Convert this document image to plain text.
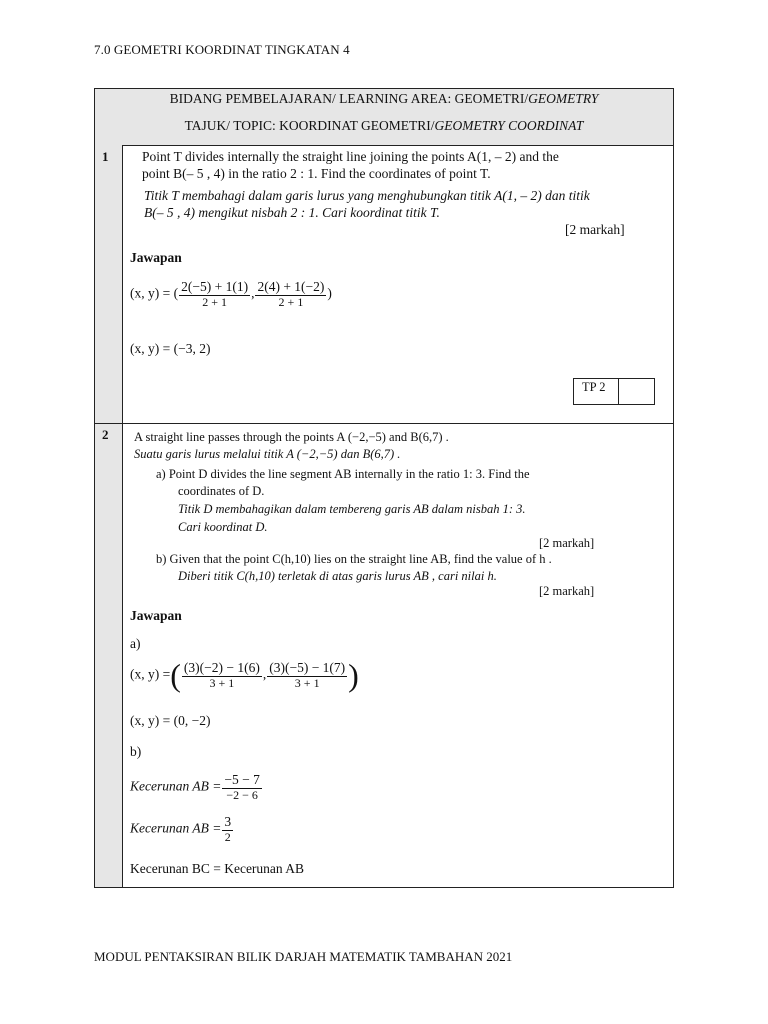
7.0 GEOMETRI KOORDINAT TINGKATAN 4
BIDANG PEMBELAJARAN/ LEARNING AREA: GEOMETRI/GEOMETRY
TAJUK/ TOPIC: KOORDINAT GEOMETRI/GEOMETRY COORDINAT
1 Point T divides internally the straight line joining the points A(1, – 2) and the
point B(– 5 , 4) in the ratio 2 : 1. Find the coordinates of point T.
Titik T membahagi dalam garis lurus yang menghubungkan titik A(1, – 2) dan titik
B(– 5 , 4) mengikut nisbah 2 : 1. Cari koordinat titik T.
[2 markah]
Jawapan
(x, y) = ( $\frac{2(-5) + 1(1)}{2 + 1}$ , $\frac{2(4) + 1(-2)}{2 + 1}$ )
(x, y) = (−3, 2)
TP 2
2 A straight line passes through the points A (−2,−5) and B(6,7) .
Suatu garis lurus melalui titik A (−2,−5) dan B(6,7) .
a) Point D divides the line segment AB internally in the ratio 1: 3. Find the
coordinates of D.
Titik D membahagikan dalam tembereng garis AB dalam nisbah 1: 3.
Cari koordinat D.
[2 markah]
b) Given that the point C(h,10) lies on the straight line AB, find the value of h .
Diberi titik C(h,10) terletak di atas garis lurus AB , cari nilai h.
[2 markah]
Jawapan
a)
(x, y) =( $\frac{(3)(-2) - 1(6)}{3 + 1}$ , $\frac{(3)(-5) - 1(7)}{3 + 1}$ )
(x, y) = (0, −2)
b)
Kecerunan AB = $\frac{-5 - 7}{-2 - 6}$
Kecerunan AB = $\frac{3}{2}$
Kecerunan BC = Kecerunan AB
MODUL PENTAKSIRAN BILIK DARJAH MATEMATIK TAMBAHAN 2021
